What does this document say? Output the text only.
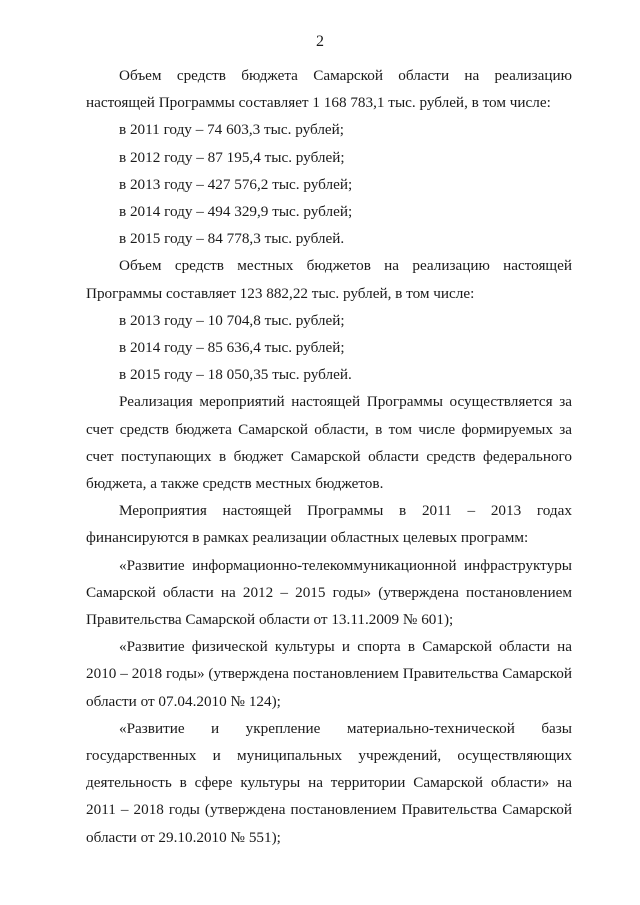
2

Объем средств бюджета Самарской области на реализацию настоящей Программы составляет 1 168 783,1 тыс. рублей, в том числе:

в 2011 году – 74 603,3 тыс. рублей;

в 2012 году – 87 195,4 тыс. рублей;

в 2013 году – 427 576,2 тыс. рублей;

в 2014 году – 494 329,9 тыс. рублей;

в 2015 году – 84 778,3 тыс. рублей.

Объем средств местных бюджетов на реализацию настоящей Программы составляет 123 882,22 тыс. рублей, в том числе:

в 2013 году – 10 704,8 тыс. рублей;

в 2014 году – 85 636,4 тыс. рублей;

в 2015 году – 18 050,35 тыс. рублей.

Реализация мероприятий настоящей Программы осуществляется за счет средств бюджета Самарской области, в том числе формируемых за счет поступающих в бюджет Самарской области средств федерального бюджета, а также средств местных бюджетов.

Мероприятия настоящей Программы в 2011 – 2013 годах финансируются в рамках реализации областных целевых программ:

«Развитие информационно-телекоммуникационной инфраструктуры Самарской области на 2012 – 2015 годы» (утверждена постановлением Правительства Самарской области от 13.11.2009 № 601);

«Развитие физической культуры и спорта в Самарской области на 2010 – 2018 годы» (утверждена постановлением Правительства Самарской области от 07.04.2010 № 124);

«Развитие и укрепление материально-технической базы государственных и муниципальных учреждений, осуществляющих деятельность в сфере культуры на территории Самарской области» на 2011 – 2018 годы (утверждена постановлением Правительства Самарской области от 29.10.2010 № 551);
